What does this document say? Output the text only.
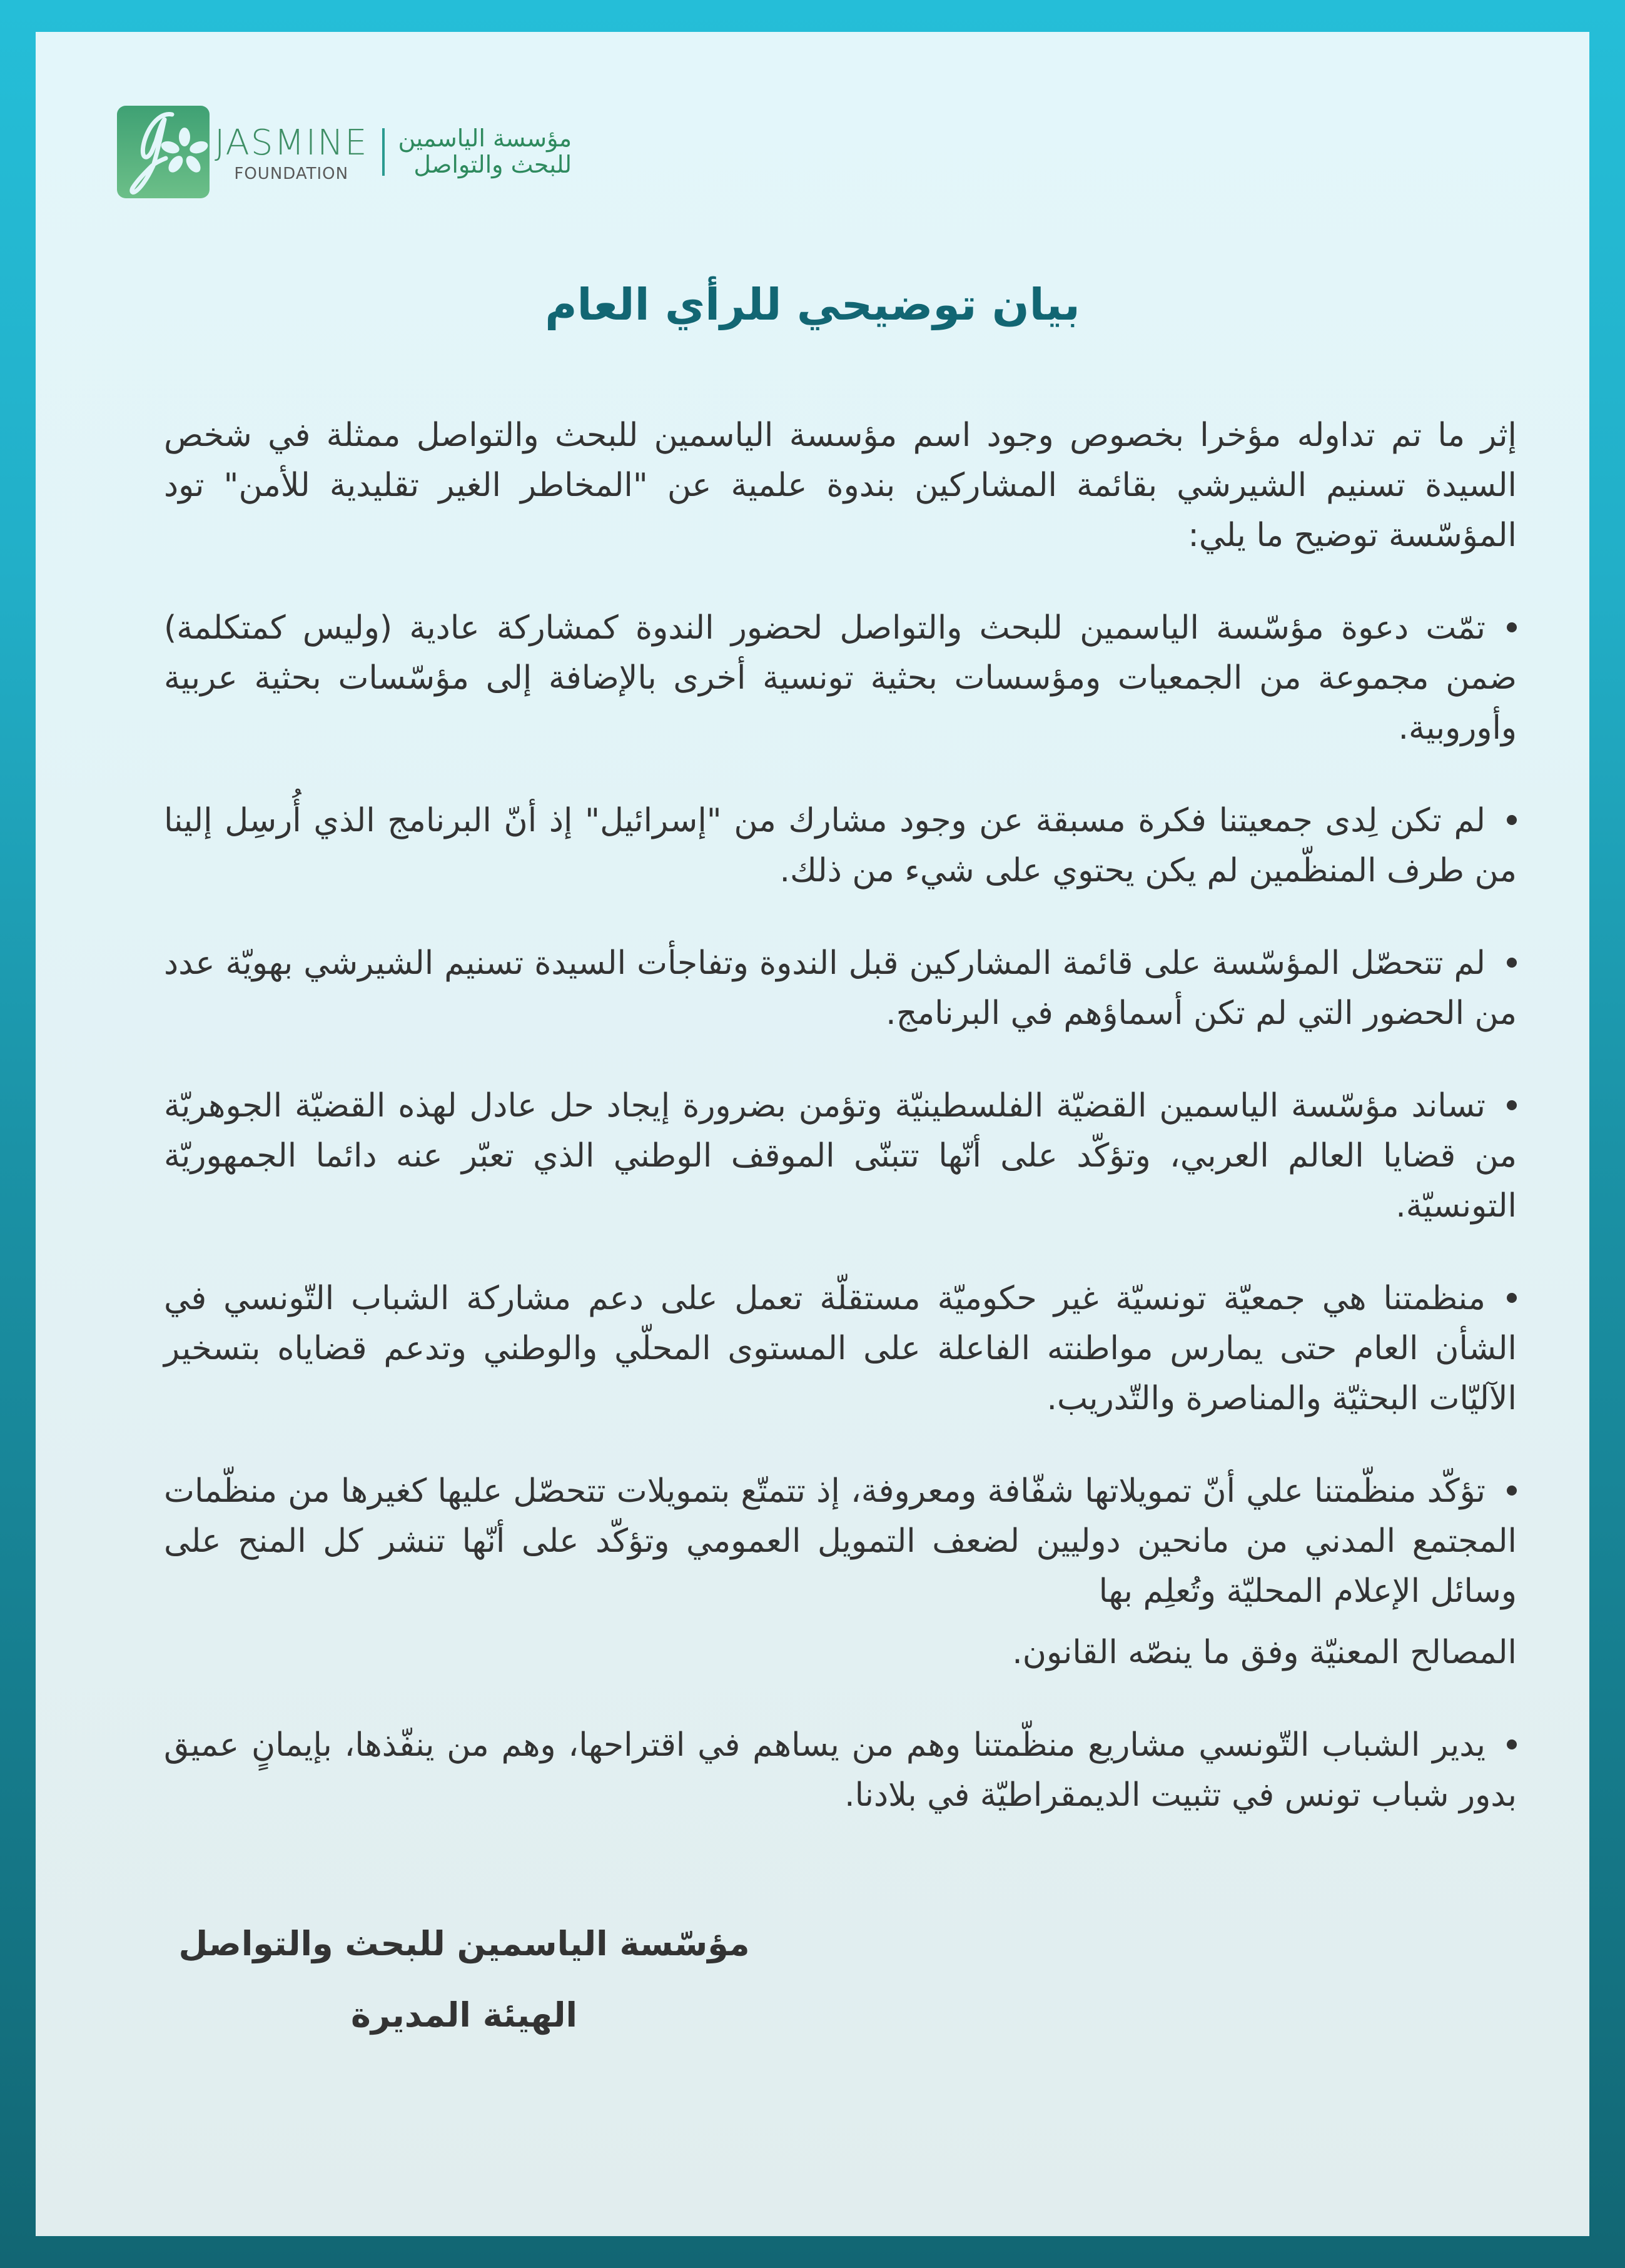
JASMINE
FOUNDATION
مؤسسة الياسمين
للبحث والتواصل
بيان توضيحي للرأي العام

إثر ما تم تداوله مؤخرا بخصوص وجود اسم مؤسسة الياسمين للبحث والتواصل ممثلة في شخص السيدة تسنيم الشيرشي بقائمة المشاركين بندوة علمية عن "المخاطر الغير تقليدية للأمن" تود المؤسّسة توضيح ما يلي:

تمّت دعوة مؤسّسة الياسمين للبحث والتواصل لحضور الندوة كمشاركة عادية (وليس كمتكلمة) ضمن مجموعة من الجمعيات ومؤسسات بحثية تونسية أخرى بالإضافة إلى مؤسّسات بحثية عربية وأوروبية.
لم تكن لِدى جمعيتنا فكرة مسبقة عن وجود مشارك من "إسرائيل" إذ أنّ البرنامج الذي أُرسِل إلينا من طرف المنظّمين لم يكن يحتوي على شيء من ذلك.
لم تتحصّل المؤسّسة على قائمة المشاركين قبل الندوة وتفاجأت السيدة تسنيم الشيرشي بهويّة عدد من الحضور التي لم تكن أسماؤهم في البرنامج.
تساند مؤسّسة الياسمين القضيّة الفلسطينيّة وتؤمن بضرورة إيجاد حل عادل لهذه القضيّة الجوهريّة من قضايا العالم العربي، وتؤكّد على أنّها تتبنّى الموقف الوطني الذي تعبّر عنه دائما الجمهوريّة التونسيّة.
منظمتنا هي جمعيّة تونسيّة غير حكوميّة مستقلّة تعمل على دعم مشاركة الشباب التّونسي في الشأن العام حتى يمارس مواطنته الفاعلة على المستوى المحلّي والوطني وتدعم قضاياه بتسخير الآليّات البحثيّة والمناصرة والتّدريب.
تؤكّد منظّمتنا علي أنّ تمويلاتها شفّافة ومعروفة، إذ تتمتّع بتمويلات تتحصّل عليها كغيرها من منظّمات المجتمع المدني من مانحين دوليين لضعف التمويل العمومي وتؤكّد على أنّها تنشر كل المنح على وسائل الإعلام المحليّة وتُعلِم بها
المصالح المعنيّة وفق ما ينصّه القانون.
يدير الشباب التّونسي مشاريع منظّمتنا وهم من يساهم في اقتراحها، وهم من ينفّذها، بإيمانٍ عميق بدور شباب تونس في تثبيت الديمقراطيّة في بلادنا.
مؤسّسة الياسمين للبحث والتواصل
الهيئة المديرة
